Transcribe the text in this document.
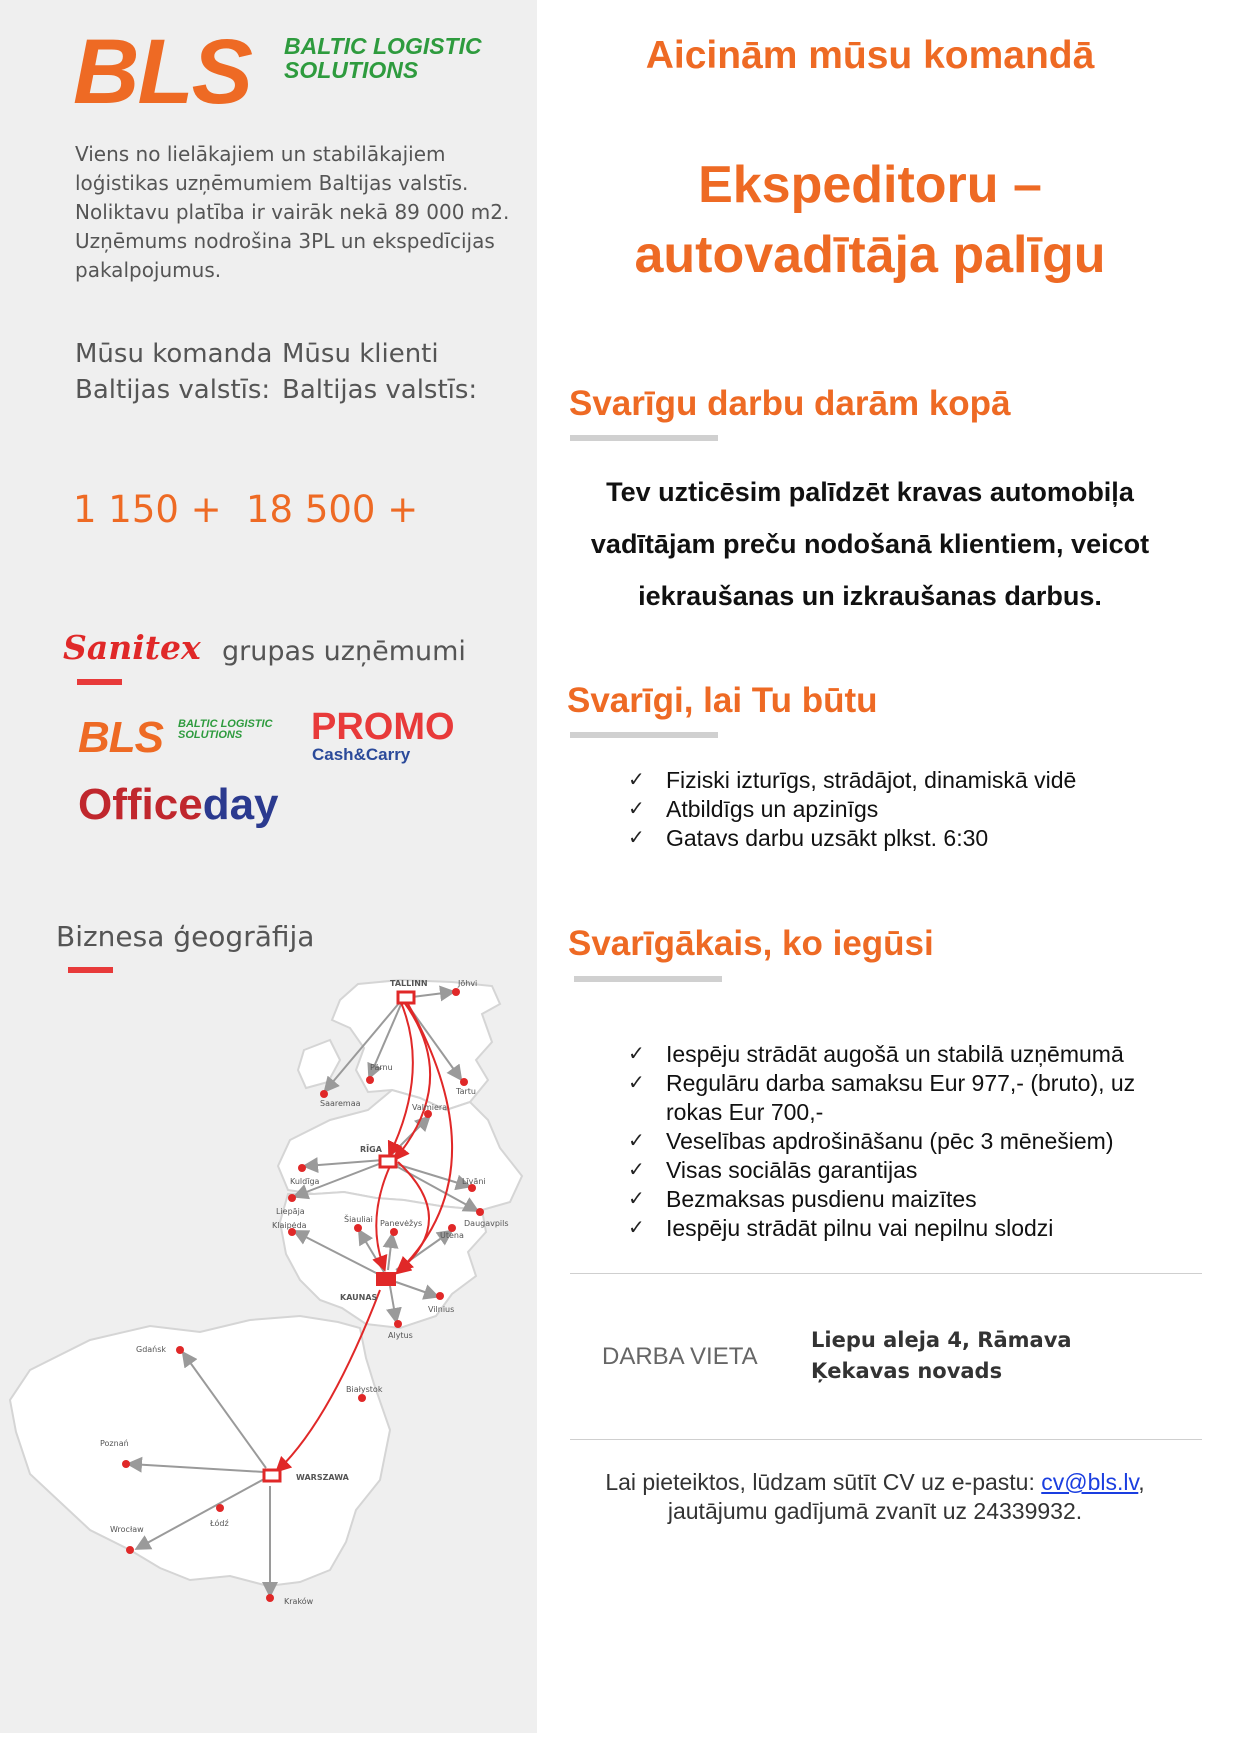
BLS BALTIC LOGISTIC
SOLUTIONS
Viens no lielākajiem un stabilākajiem loģistikas uzņēmumiem Baltijas valstīs. Noliktavu platība ir vairāk nekā 89 000 m2. Uzņēmums nodrošina 3PL un ekspedīcijas pakalpojumus.
Mūsu komanda
Baltijas valstīs:
Mūsu klienti
Baltijas valstīs:
1 150 + 18 500 +
Sanitex grupas uzņēmumi
BLS BALTIC LOGISTIC
SOLUTIONS	PROMO
Cash&Carry
Officeday
Biznesa ģeogrāfija
TALLINN	Jõhvi
Pärnu
Tartu
Saaremaa	Valmiera
RĪGA
Kuldīga
Liepāja
Līvāni
Šiauliai Panevėžys	Daugavpils
Klaipėda
Utena
KAUNAS
Vilnius
Alytus
Gdańsk
Białystok
Poznań
WARSZAWA
Wrocław
Łódź
Kraków
Aicinām mūsu komandā
Ekspeditoru –
autovadītāja palīgu
Svarīgu darbu darām kopā
Tev uzticēsim palīdzēt kravas automobiļa vadītājam preču nodošanā klientiem, veicot iekraušanas un izkraušanas darbus.
Svarīgi, lai Tu būtu
✓ Fiziski izturīgs, strādājot, dinamiskā vidē
✓ Atbildīgs un apzinīgs
✓ Gatavs darbu uzsākt plkst. 6:30
Svarīgākais, ko iegūsi
✓ Iespēju strādāt augošā un stabilā uzņēmumā
✓ Regulāru darba samaksu Eur 977,- (bruto), uz rokas Eur 700,-
✓ Veselības apdrošināšanu (pēc 3 mēnešiem)
✓ Visas sociālās garantijas
✓ Bezmaksas pusdienu maizītes
✓ Iespēju strādāt pilnu vai nepilnu slodzi
DARBA VIETA
Liepu aleja 4, Rāmava
Ķekavas novads
Lai pieteiktos, lūdzam sūtīt CV uz e-pastu: cv@bls.lv,
jautājumu gadījumā zvanīt uz 24339932.
